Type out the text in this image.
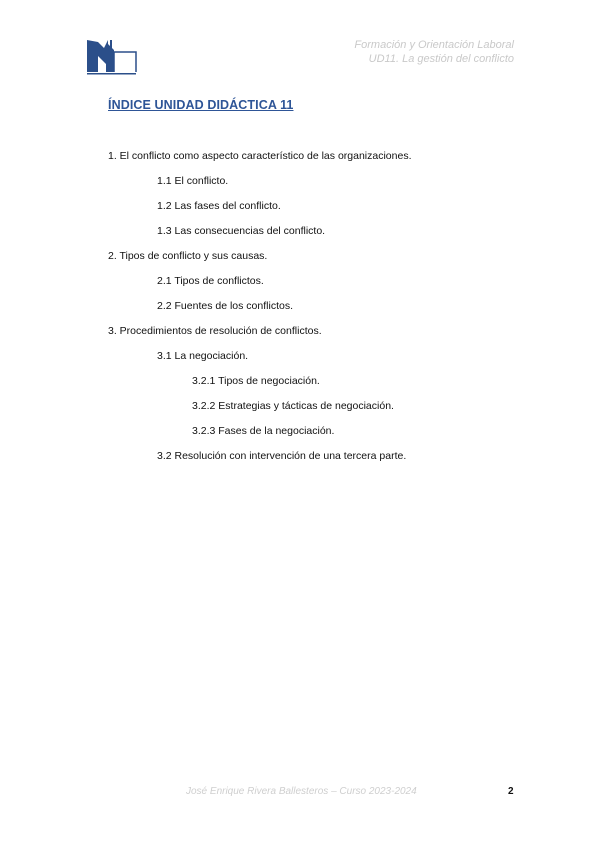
Formación y Orientación Laboral
UD11. La gestión del conflicto
ÍNDICE UNIDAD DIDÁCTICA 11
1. El conflicto como aspecto característico de las organizaciones.
1.1 El conflicto.
1.2 Las fases del conflicto.
1.3 Las consecuencias del conflicto.
2. Tipos de conflicto y sus causas.
2.1 Tipos de conflictos.
2.2 Fuentes de los conflictos.
3. Procedimientos de resolución de conflictos.
3.1 La negociación.
3.2.1 Tipos de negociación.
3.2.2 Estrategias y tácticas de negociación.
3.2.3 Fases de la negociación.
3.2 Resolución con intervención de una tercera parte.
José Enrique Rivera Ballesteros – Curso 2023-2024	2
